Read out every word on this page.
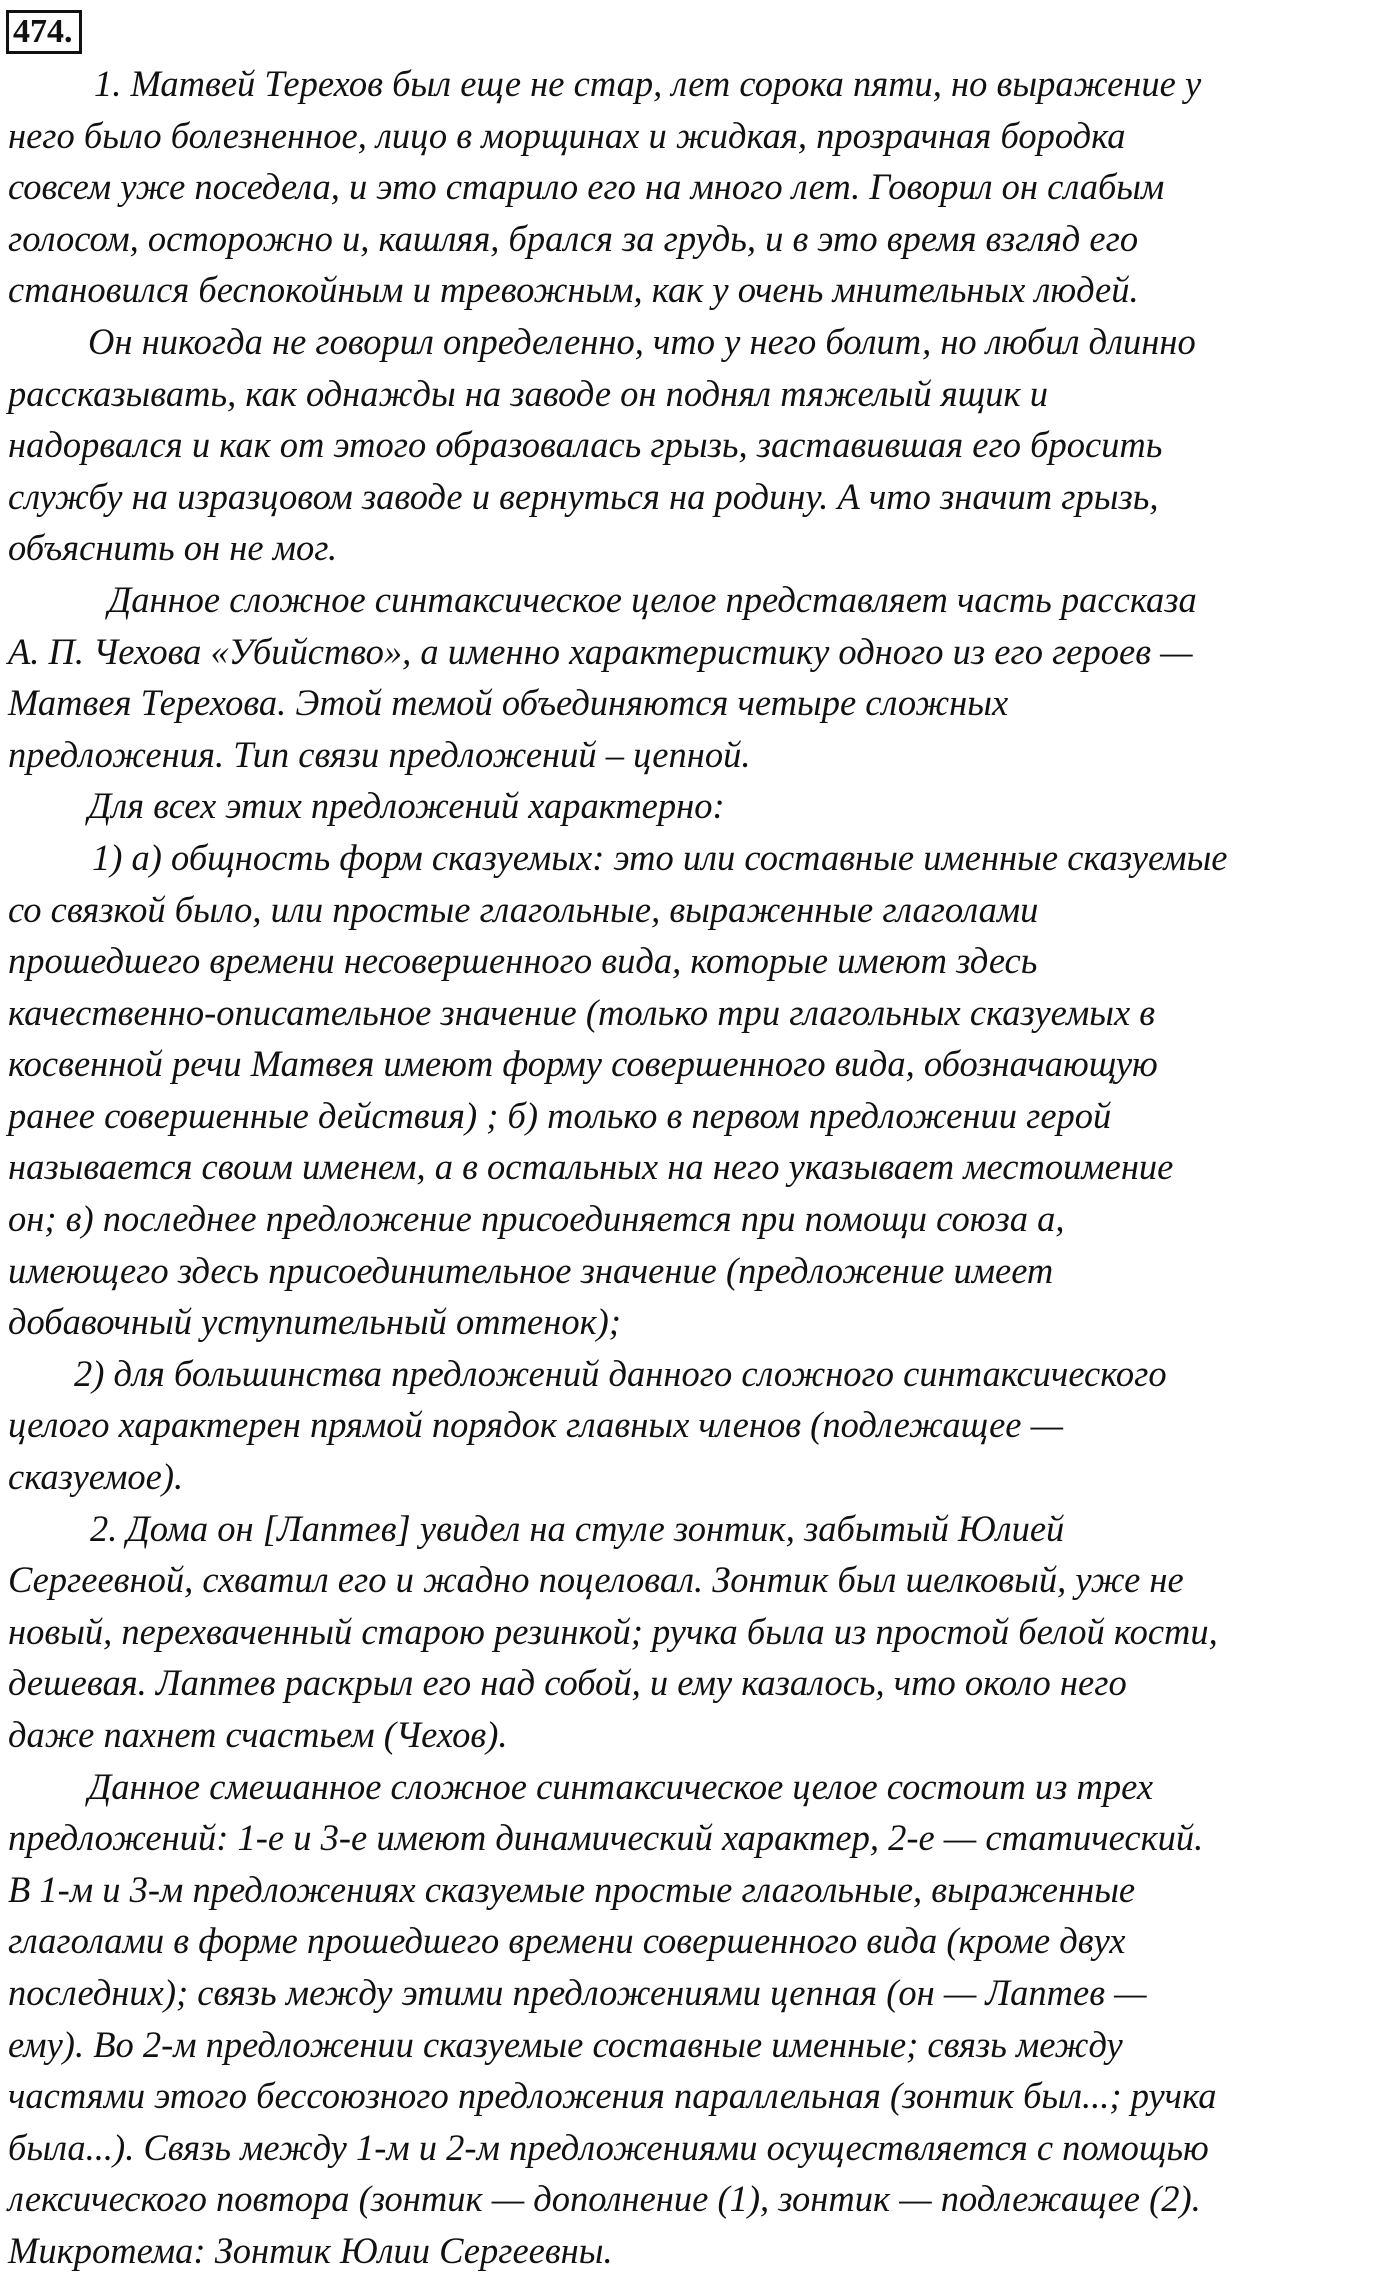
474.

1. Матвей Терехов был еще не стар, лет сорока пяти, но выражение у

него было болезненное, лицо в морщинах и жидкая, прозрачная бородка

совсем уже поседела, и это старило его на много лет. Говорил он слабым

голосом, осторожно и, кашляя, брался за грудь, и в это время взгляд его

становился беспокойным и тревожным, как у очень мнительных людей.

Он никогда не говорил определенно, что у него болит, но любил длинно

рассказывать, как однажды на заводе он поднял тяжелый ящик и

надорвался и как от этого образовалась грызь, заставившая его бросить

службу на изразцовом заводе и вернуться на родину. А что значит грызь,

объяснить он не мог.

Данное сложное синтаксическое целое представляет часть рассказа

А. П. Чехова «Убийство», а именно характеристику одного из его героев —

Матвея Терехова. Этой темой объединяются четыре сложных

предложения. Тип связи предложений – цепной.

Для всех этих предложений характерно:

1) а) общность форм сказуемых: это или составные именные сказуемые

со связкой было, или простые глагольные, выраженные глаголами

прошедшего времени несовершенного вида, которые имеют здесь

качественно-описательное значение (только три глагольных сказуемых в

косвенной речи Матвея имеют форму совершенного вида, обозначающую

ранее совершенные действия) ; б) только в первом предложении герой

называется своим именем, а в остальных на него указывает местоимение

он; в) последнее предложение присоединяется при помощи союза а,

имеющего здесь присоединительное значение (предложение имеет

добавочный уступительный оттенок);

2) для большинства предложений данного сложного синтаксического

целого характерен прямой порядок главных членов (подлежащее —

сказуемое).

2. Дома он [Лаптев] увидел на стуле зонтик, забытый Юлией

Сергеевной, схватил его и жадно поцеловал. Зонтик был шелковый, уже не

новый, перехваченный старою резинкой; ручка была из простой белой кости,

дешевая. Лаптев раскрыл его над собой, и ему казалось, что около него

даже пахнет счастьем (Чехов).

Данное смешанное сложное синтаксическое целое состоит из трех

предложений: 1-е и 3-е имеют динамический характер, 2-е — статический.

В 1-м и 3-м предложениях сказуемые простые глагольные, выраженные

глаголами в форме прошедшего времени совершенного вида (кроме двух

последних); связь между этими предложениями цепная (он — Лаптев —

ему). Во 2-м предложении сказуемые составные именные; связь между

частями этого бессоюзного предложения параллельная (зонтик был...; ручка

была...). Связь между 1-м и 2-м предложениями осуществляется с помощью

лексического повтора (зонтик — дополнение (1), зонтик — подлежащее (2).

Микротема: Зонтик Юлии Сергеевны.
